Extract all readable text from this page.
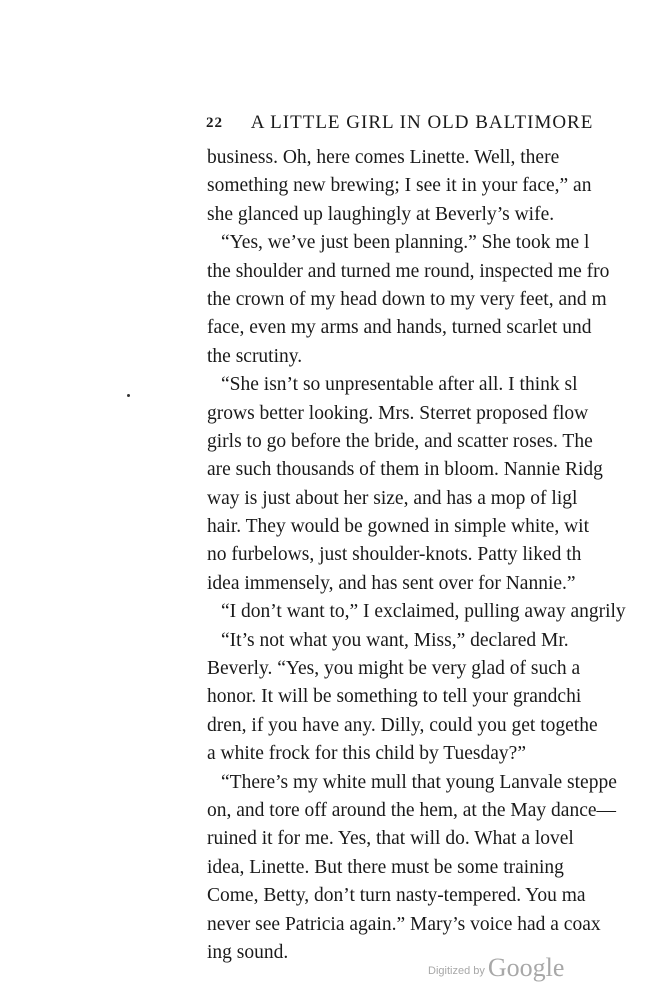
22 A LITTLE GIRL IN OLD BALTIMORE
business. Oh, here comes Linette. Well, there
something new brewing; I see it in your face,” an
she glanced up laughingly at Beverly’s wife.
“Yes, we’ve just been planning.” She took me l
the shoulder and turned me round, inspected me fro
the crown of my head down to my very feet, and m
face, even my arms and hands, turned scarlet und
the scrutiny.
“She isn’t so unpresentable after all. I think sl
grows better looking. Mrs. Sterret proposed flow
girls to go before the bride, and scatter roses. The
are such thousands of them in bloom. Nannie Ridg
way is just about her size, and has a mop of ligl
hair. They would be gowned in simple white, wit
no furbelows, just shoulder-knots. Patty liked th
idea immensely, and has sent over for Nannie.”
“I don’t want to,” I exclaimed, pulling away angrily
“It’s not what you want, Miss,” declared Mr.
Beverly. “Yes, you might be very glad of such a
honor. It will be something to tell your grandchi
dren, if you have any. Dilly, could you get togethe
a white frock for this child by Tuesday?”
“There’s my white mull that young Lanvale steppe
on, and tore off around the hem, at the May dance—
ruined it for me. Yes, that will do. What a lovel
idea, Linette. But there must be some training
Come, Betty, don’t turn nasty-tempered. You ma
never see Patricia again.” Mary’s voice had a coax
ing sound.
Digitized by Google
